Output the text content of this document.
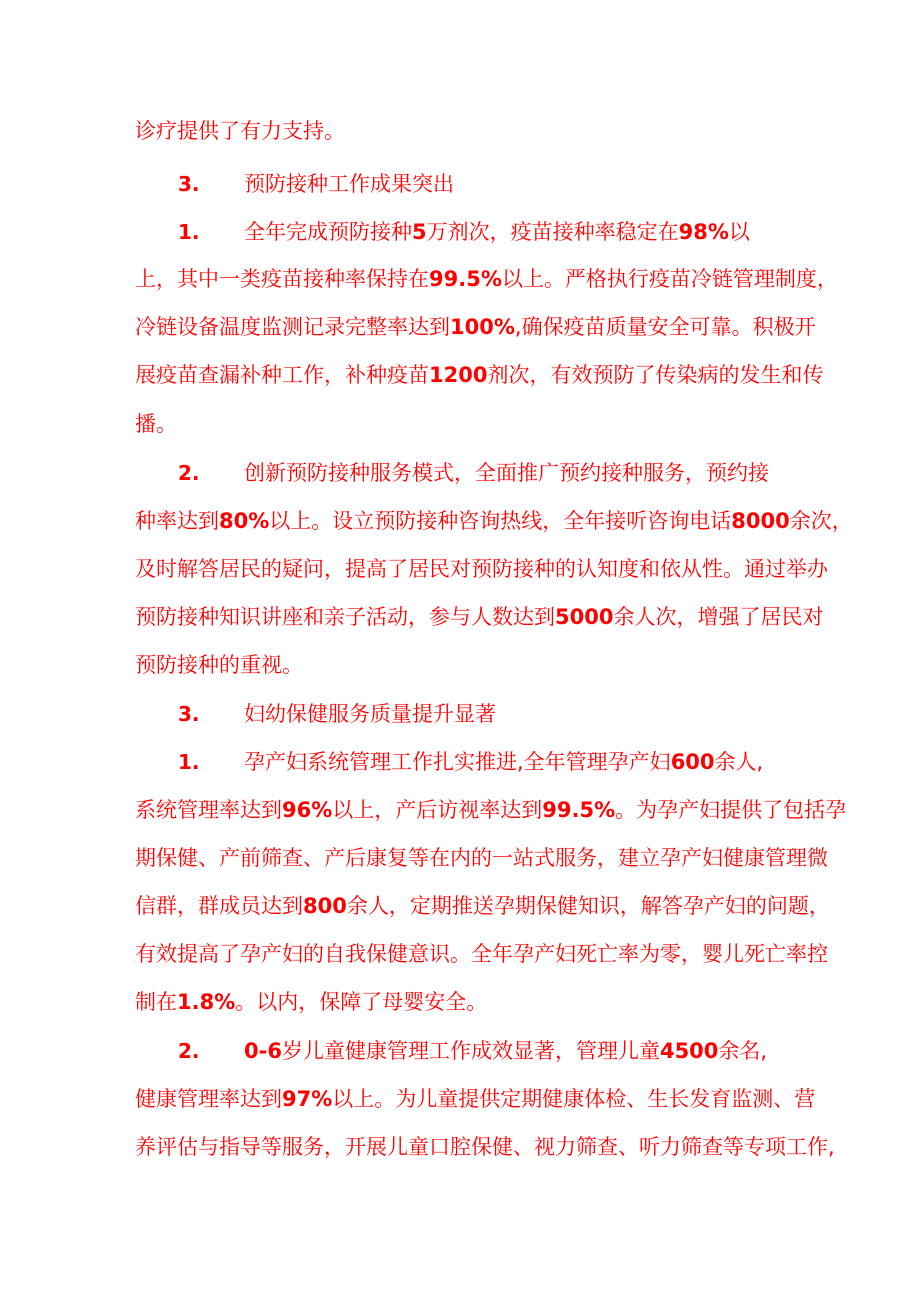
诊疗提供了有力支持。
3. 预防接种工作成果突出
1. 全年完成预防接种5万剂次，疫苗接种率稳定在98%以
上，其中一类疫苗接种率保持在99.5%以上。严格执行疫苗冷链管理制度，
冷链设备温度监测记录完整率达到100%,确保疫苗质量安全可靠。积极开
展疫苗查漏补种工作，补种疫苗1200剂次，有效预防了传染病的发生和传
播。
2. 创新预防接种服务模式，全面推广预约接种服务，预约接
种率达到80%以上。设立预防接种咨询热线，全年接听咨询电话8000余次，
及时解答居民的疑问，提高了居民对预防接种的认知度和依从性。通过举办
预防接种知识讲座和亲子活动，参与人数达到5000余人次，增强了居民对
预防接种的重视。
3. 妇幼保健服务质量提升显著
1. 孕产妇系统管理工作扎实推进,全年管理孕产妇600余人,
系统管理率达到96%以上，产后访视率达到99.5%。为孕产妇提供了包括孕
期保健、产前筛查、产后康复等在内的一站式服务，建立孕产妇健康管理微
信群，群成员达到800余人，定期推送孕期保健知识，解答孕产妇的问题，
有效提高了孕产妇的自我保健意识。全年孕产妇死亡率为零，婴儿死亡率控
制在1.8%。以内，保障了母婴安全。
2. 0-6岁儿童健康管理工作成效显著，管理儿童4500余名,
健康管理率达到97%以上。为儿童提供定期健康体检、生长发育监测、营
养评估与指导等服务，开展儿童口腔保健、视力筛查、听力筛查等专项工作,
